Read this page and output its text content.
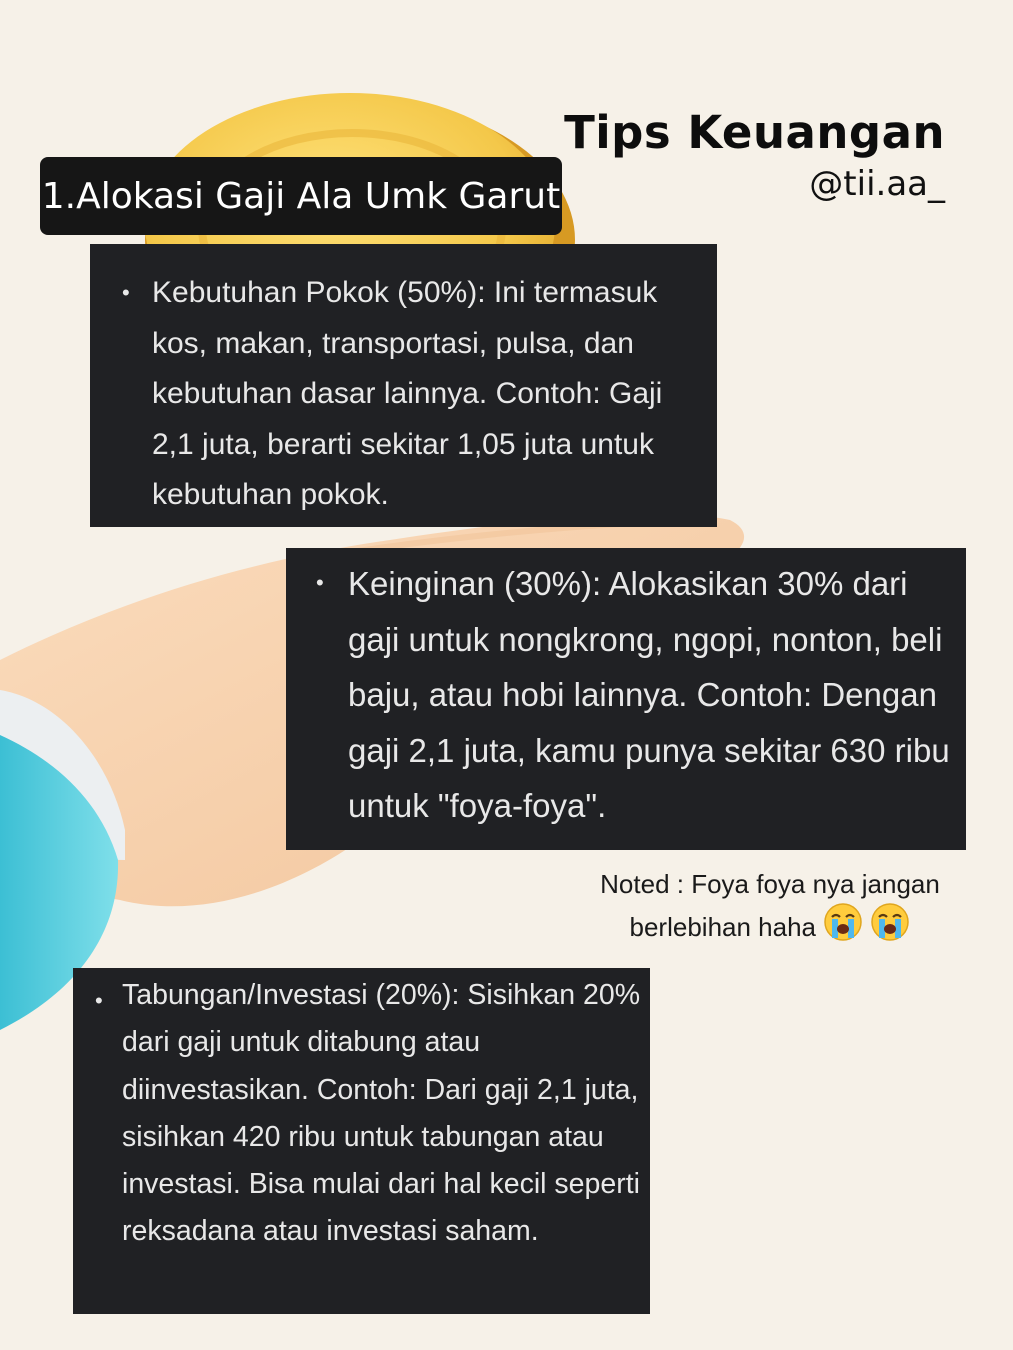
Tips Keuangan
@tii.aa_
1.Alokasi Gaji Ala Umk Garut
• Kebutuhan Pokok (50%): Ini termasuk kos, makan, transportasi, pulsa, dan kebutuhan dasar lainnya. Contoh: Gaji 2,1 juta, berarti sekitar 1,05 juta untuk kebutuhan pokok.

• Keinginan (30%): Alokasikan 30% dari gaji untuk nongkrong, ngopi, nonton, beli baju, atau hobi lainnya. Contoh: Dengan gaji 2,1 juta, kamu punya sekitar 630 ribu untuk "foya-foya".

Noted : Foya foya nya jangan
berlebihan haha
• Tabungan/Investasi (20%): Sisihkan 20% dari gaji untuk ditabung atau diinvestasikan. Contoh: Dari gaji 2,1 juta, sisihkan 420 ribu untuk tabungan atau investasi. Bisa mulai dari hal kecil seperti reksadana atau investasi saham.
